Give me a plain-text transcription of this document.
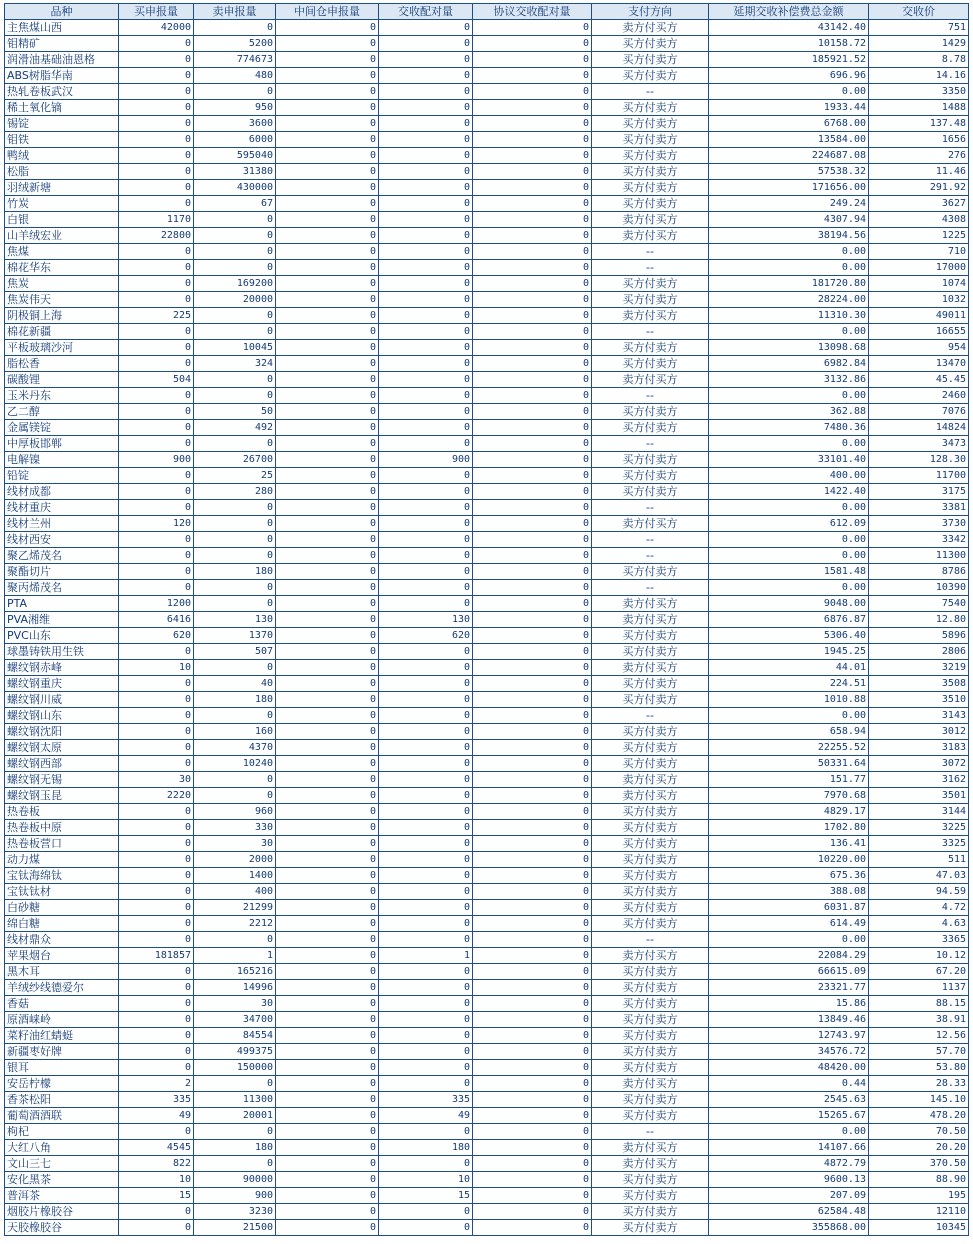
品种	买申报量	卖申报量	中间仓申报量	交收配对量	协议交收配对量	支付方向	延期交收补偿费总金额	交收价
主焦煤山西	42000	0	0	0	0	卖方付买方	43142.40	751
钼精矿	0	5200	0	0	0	买方付卖方	10158.72	1429
润滑油基础油恩格	0	774673	0	0	0	买方付卖方	185921.52	8.78
ABS树脂华南	0	480	0	0	0	买方付卖方	696.96	14.16
热轧卷板武汉	0	0	0	0	0	--	0.00	3350
稀土氧化镝	0	950	0	0	0	买方付卖方	1933.44	1488
锡锭	0	3600	0	0	0	买方付卖方	6768.00	137.48
钼铁	0	6000	0	0	0	买方付卖方	13584.00	1656
鸭绒	0	595040	0	0	0	买方付卖方	224687.08	276
松脂	0	31380	0	0	0	买方付卖方	57538.32	11.46
羽绒新塘	0	430000	0	0	0	买方付卖方	171656.00	291.92
竹炭	0	67	0	0	0	买方付卖方	249.24	3627
白银	1170	0	0	0	0	卖方付买方	4307.94	4308
山羊绒宏业	22800	0	0	0	0	卖方付买方	38194.56	1225
焦煤	0	0	0	0	0	--	0.00	710
棉花华东	0	0	0	0	0	--	0.00	17000
焦炭	0	169200	0	0	0	买方付卖方	181720.80	1074
焦炭伟天	0	20000	0	0	0	买方付卖方	28224.00	1032
阴极铜上海	225	0	0	0	0	卖方付买方	11310.30	49011
棉花新疆	0	0	0	0	0	--	0.00	16655
平板玻璃沙河	0	10045	0	0	0	买方付卖方	13098.68	954
脂松香	0	324	0	0	0	买方付卖方	6982.84	13470
碳酸锂	504	0	0	0	0	卖方付买方	3132.86	45.45
玉米丹东	0	0	0	0	0	--	0.00	2460
乙二醇	0	50	0	0	0	买方付卖方	362.88	7076
金属镁锭	0	492	0	0	0	买方付卖方	7480.36	14824
中厚板邯郸	0	0	0	0	0	--	0.00	3473
电解镍	900	26700	0	900	0	买方付卖方	33101.40	128.30
铅锭	0	25	0	0	0	买方付卖方	400.00	11700
线材成都	0	280	0	0	0	买方付卖方	1422.40	3175
线材重庆	0	0	0	0	0	--	0.00	3381
线材兰州	120	0	0	0	0	卖方付买方	612.09	3730
线材西安	0	0	0	0	0	--	0.00	3342
聚乙烯茂名	0	0	0	0	0	--	0.00	11300
聚酯切片	0	180	0	0	0	买方付卖方	1581.48	8786
聚丙烯茂名	0	0	0	0	0	--	0.00	10390
PTA	1200	0	0	0	0	卖方付买方	9048.00	7540
PVA湘维	6416	130	0	130	0	卖方付买方	6876.87	12.80
PVC山东	620	1370	0	620	0	买方付卖方	5306.40	5896
球墨铸铁用生铁	0	507	0	0	0	买方付卖方	1945.25	2806
螺纹钢赤峰	10	0	0	0	0	卖方付买方	44.01	3219
螺纹钢重庆	0	40	0	0	0	买方付卖方	224.51	3508
螺纹钢川威	0	180	0	0	0	买方付卖方	1010.88	3510
螺纹钢山东	0	0	0	0	0	--	0.00	3143
螺纹钢沈阳	0	160	0	0	0	买方付卖方	658.94	3012
螺纹钢太原	0	4370	0	0	0	买方付卖方	22255.52	3183
螺纹钢西部	0	10240	0	0	0	买方付卖方	50331.64	3072
螺纹钢无锡	30	0	0	0	0	卖方付买方	151.77	3162
螺纹钢玉昆	2220	0	0	0	0	卖方付买方	7970.68	3501
热卷板	0	960	0	0	0	买方付卖方	4829.17	3144
热卷板中原	0	330	0	0	0	买方付卖方	1702.80	3225
热卷板营口	0	30	0	0	0	买方付卖方	136.41	3325
动力煤	0	2000	0	0	0	买方付卖方	10220.00	511
宝钛海绵钛	0	1400	0	0	0	买方付卖方	675.36	47.03
宝钛钛材	0	400	0	0	0	买方付卖方	388.08	94.59
白砂糖	0	21299	0	0	0	买方付卖方	6031.87	4.72
绵白糖	0	2212	0	0	0	买方付卖方	614.49	4.63
线材鼎众	0	0	0	0	0	--	0.00	3365
苹果烟台	181857	1	0	1	0	卖方付买方	22084.29	10.12
黑木耳	0	165216	0	0	0	买方付卖方	66615.09	67.20
羊绒纱线德爱尔	0	14996	0	0	0	买方付卖方	23321.77	1137
香菇	0	30	0	0	0	买方付卖方	15.86	88.15
原酒崃岭	0	34700	0	0	0	买方付卖方	13849.46	38.91
菜籽油红蜻蜓	0	84554	0	0	0	买方付卖方	12743.97	12.56
新疆枣好牌	0	499375	0	0	0	买方付卖方	34576.72	57.70
银耳	0	150000	0	0	0	买方付卖方	48420.00	53.80
安岳柠檬	2	0	0	0	0	卖方付买方	0.44	28.33
香茶松阳	335	11300	0	335	0	买方付卖方	2545.63	145.10
葡萄酒酒联	49	20001	0	49	0	买方付卖方	15265.67	478.20
枸杞	0	0	0	0	0	--	0.00	70.50
大红八角	4545	180	0	180	0	卖方付买方	14107.66	20.20
文山三七	822	0	0	0	0	卖方付买方	4872.79	370.50
安化黑茶	10	90000	0	10	0	买方付卖方	9600.13	88.90
普洱茶	15	900	0	15	0	买方付卖方	207.09	195
烟胶片橡胶谷	0	3230	0	0	0	买方付卖方	62584.48	12110
天胶橡胶谷	0	21500	0	0	0	买方付卖方	355868.00	10345
